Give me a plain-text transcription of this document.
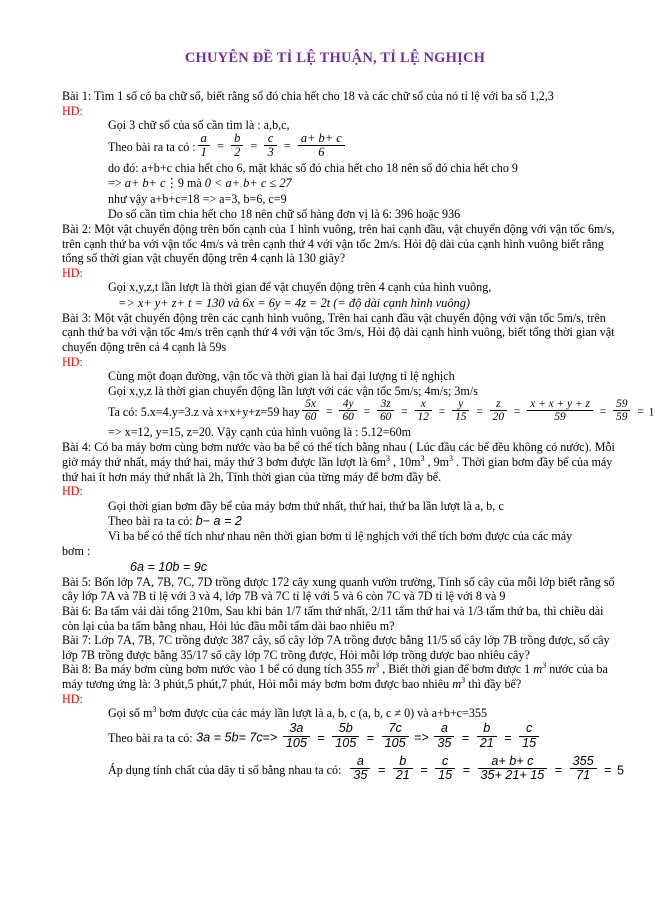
CHUYÊN ĐỀ TỈ LỆ THUẬN, TỈ LỆ NGHỊCH
Bài 1: Tìm 1 số có ba chữ số, biết rằng số đó chia hết cho 18 và các chữ số của nó tỉ lệ với ba số 1,2,3
HD:
Gọi 3 chữ số của số cần tìm là : a,b,c,
Theo bài ra ta có : $\frac{a}{1} = \frac{b}{2} = \frac{c}{3} = \frac{a+ b+ c}{6}$
do đó: a+b+c chia hết cho 6, mặt khác số đó chia hết cho 18 nên số đó chia hết cho 9
=> a+ b+ c⋮9 mà 0 < a+ b+ c ≤ 27
như vậy a+b+c=18 => a=3, b=6, c=9
Do số cần tìm chia hết cho 18 nên chữ số hàng đơn vị là 6: 396 hoặc 936
Bài 2: Một vật chuyển động trên bốn cạnh của 1 hình vuông, trên hai cạnh đầu, vật chuyển động với vận tốc 6m/s, trên cạnh thứ ba với vận tốc 4m/s và trên cạnh thứ 4 với vận tốc 2m/s. Hỏi độ dài của cạnh hình vuông biết rằng tổng số thời gian vật chuyển động trên 4 cạnh là 130 giây?
HD:
Gọi x,y,z,t lần lượt là thời gian để vật chuyển động trên 4 cạnh của hình vuông,
=> x+ y+ z+ t = 130 và 6x = 6y = 4z = 2t (= độ dài cạnh hình vuông)
Bài 3: Một vật chuyển động trên các cạnh hình vuông, Trên hai cạnh đầu vật chuyển động với vận tốc 5m/s, trên cạnh thứ ba với vận tốc 4m/s trên cạnh thứ 4 với vận tốc 3m/s, Hỏi độ dài cạnh hình vuông, biết tổng thời gian vật chuyển động trên cả 4 cạnh là 59s
HD:
Cùng một đoạn đường, vận tốc và thời gian là hai đại lượng tỉ lệ nghịch
Gọi x,y,z là thời gian chuyển động lần lượt với các vận tốc 5m/s; 4m/s; 3m/s
Ta có: 5.x=4.y=3.z và x+x+y+z=59 hay $\frac{5x}{60} = \frac{4y}{60} = \frac{3z}{60} = \frac{x}{12} = \frac{y}{15} = \frac{z}{20} = \frac{x + x + y + z}{59} = \frac{59}{59} = 1$
=> x=12, y=15, z=20. Vậy cạnh của hình vuông là : 5.12=60m
Bài 4: Có ba máy bơm cùng bơm nước vào ba bể có thể tích bằng nhau ( Lúc đầu các bể đều không có nước). Mỗi giờ máy thứ nhất, máy thứ hai, máy thứ 3 bơm được lần lượt là $6m^3$ , $10m^3$ , $9m^3$ . Thời gian bơm đầy bể của máy thứ hai ít hơn máy thứ nhất là 2h, Tính thời gian của từng máy để bơm đầy bể.
HD:
Gọi thời gian bơm đầy bể của máy bơm thứ nhất, thứ hai, thứ ba lần lượt là a, b, c
Theo bài ra ta có: b− a = 2
Vì ba bể có thể tích như nhau nên thời gian bơm tỉ lệ nghịch với thể tích bơm được của các máy
bơm :
6a = 10b = 9c
Bài 5: Bốn lớp 7A, 7B, 7C, 7D trồng được 172 cây xung quanh vườn trường, Tính số cây của mỗi lớp biết rằng số cây lớp 7A và 7B tỉ lệ với 3 và 4, lớp 7B và 7C tỉ lệ với 5 và 6 còn 7C và 7D tỉ lệ với 8 và 9
Bài 6: Ba tấm vải dài tổng 210m, Sau khi bán 1/7 tấm thứ nhất, 2/11 tấm thứ hai và 1/3 tấm thứ ba, thì chiều dài còn lại của ba tấm bằng nhau, Hỏi lúc đầu mỗi tấm dài bao nhiêu m?
Bài 7: Lớp 7A, 7B, 7C trồng được 387 cây, số cây lớp 7A trồng được bằng 11/5 số cây lớp 7B trồng được, số cây lớp 7B trồng được bằng 35/17 số cây lớp 7C trồng được, Hỏi mỗi lớp trồng được bao nhiêu cây?
Bài 8: Ba máy bơm cùng bơm nước vào 1 bể có dung tích 355 $m^3$ , Biết thời gian để bơm được 1 $m^3$ nước của ba máy tương ứng là: 3 phút,5 phút,7 phút, Hỏi mỗi máy bơm bơm được bao nhiêu $m^3$ thì đầy bể?
HD:
Gọi số $m^3$ bơm được của các máy lần lượt là a, b, c (a, b, c ≠ 0) và a+b+c=355
Theo bài ra ta có: $3a = 5b= 7c=> \frac{3a}{105} = \frac{5b}{105} = \frac{7c}{105} => \frac{a}{35} = \frac{b}{21} = \frac{c}{15}$
Áp dụng tính chất của dãy tỉ số bằng nhau ta có:
$\frac{a}{35} = \frac{b}{21} = \frac{c}{15} = \frac{a+ b+ c}{35+ 21+ 15} = \frac{355}{71} = 5$
